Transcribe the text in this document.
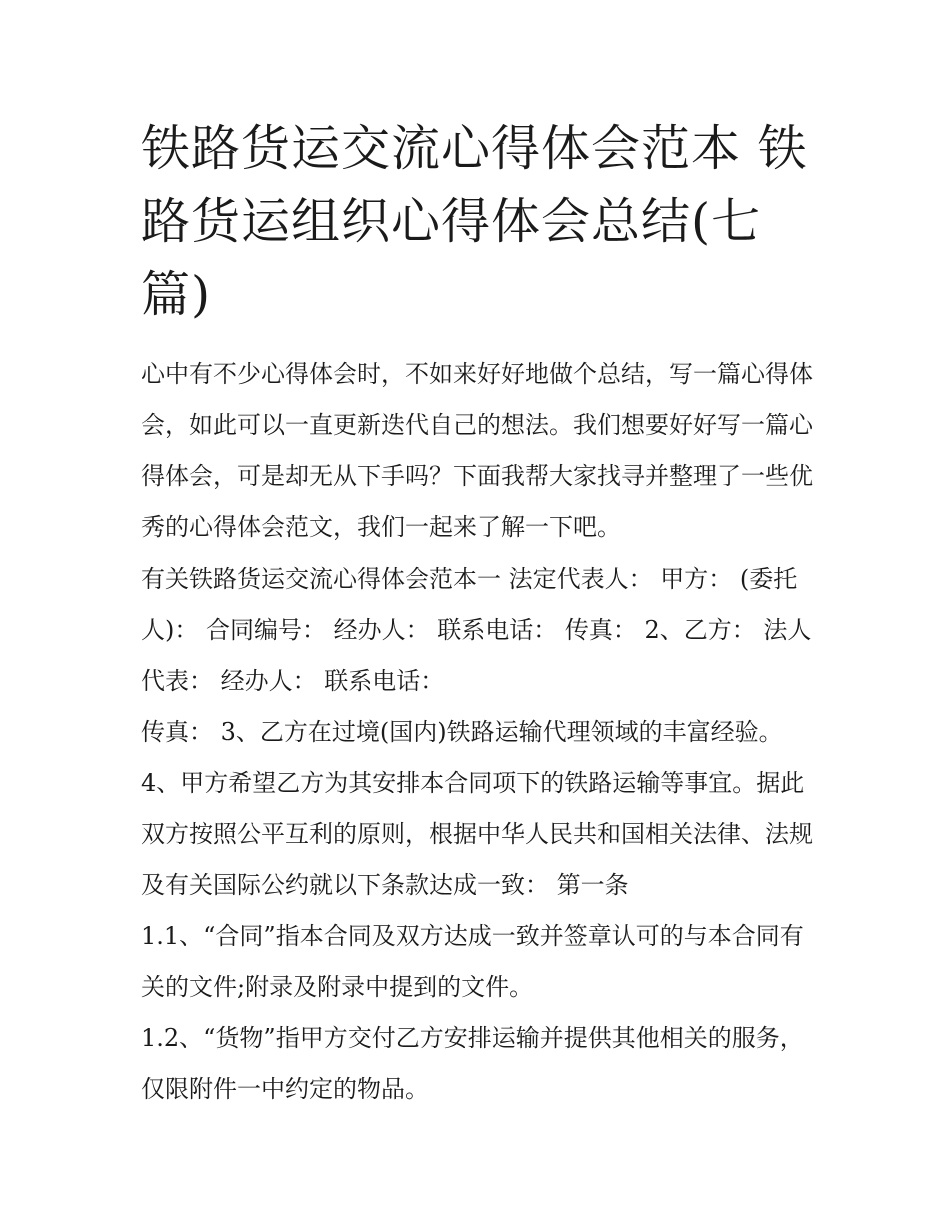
铁路货运交流心得体会范本 铁路货运组织心得体会总结(七篇)

心中有不少心得体会时，不如来好好地做个总结，写一篇心得体会，如此可以一直更新迭代自己的想法。我们想要好好写一篇心得体会，可是却无从下手吗？下面我帮大家找寻并整理了一些优秀的心得体会范文，我们一起来了解一下吧。

有关铁路货运交流心得体会范本一 法定代表人： 甲方： (委托人)： 合同编号： 经办人： 联系电话： 传真： 2、乙方： 法人代表： 经办人： 联系电话：

传真： 3、乙方在过境(国内)铁路运输代理领域的丰富经验。

4、甲方希望乙方为其安排本合同项下的铁路运输等事宜。据此双方按照公平互利的原则，根据中华人民共和国相关法律、法规及有关国际公约就以下条款达成一致： 第一条

1.1、“合同”指本合同及双方达成一致并签章认可的与本合同有关的文件;附录及附录中提到的文件。

1.2、“货物”指甲方交付乙方安排运输并提供其他相关的服务，仅限附件一中约定的物品。
